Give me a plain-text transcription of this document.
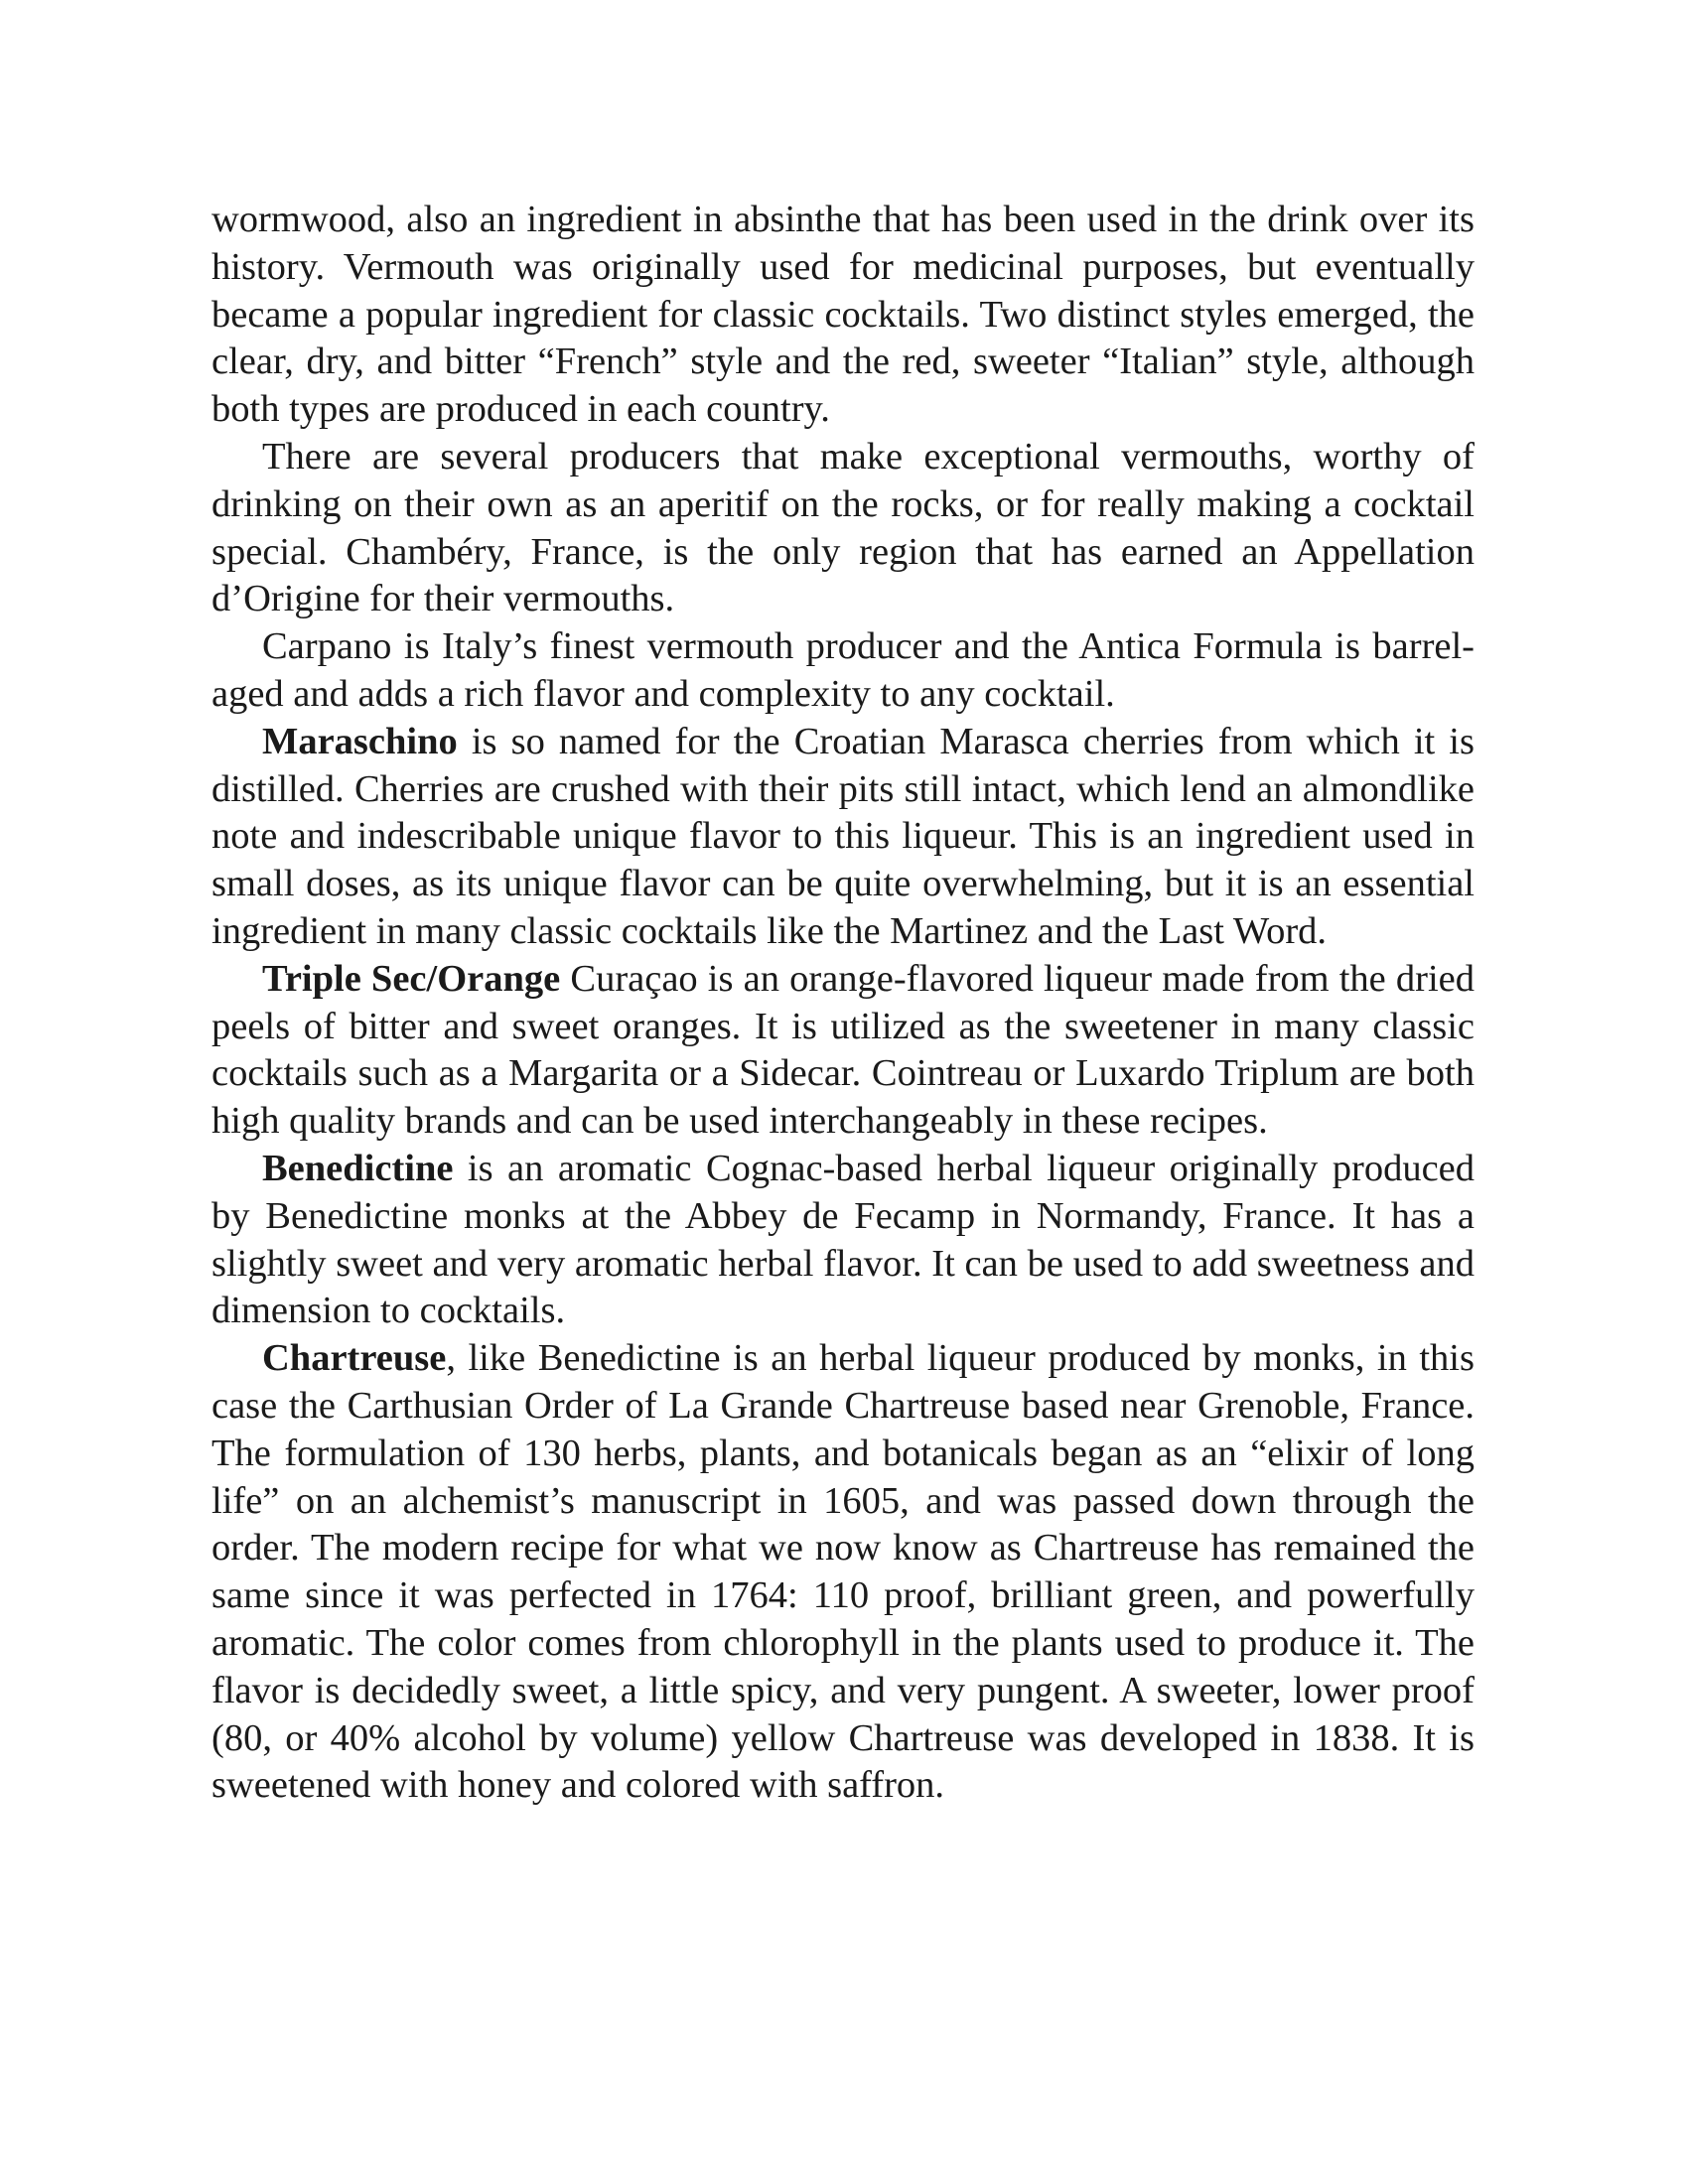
wormwood, also an ingredient in absinthe that has been used in the drink over its history. Vermouth was originally used for medicinal purposes, but eventually became a popular ingredient for classic cocktails. Two distinct styles emerged, the clear, dry, and bitter “French” style and the red, sweeter “Italian” style, although both types are produced in each country.

There are several producers that make exceptional vermouths, worthy of drinking on their own as an aperitif on the rocks, or for really making a cocktail special. Chambéry, France, is the only region that has earned an Appellation d’Origine for their vermouths.

Carpano is Italy’s finest vermouth producer and the Antica Formula is barrel-aged and adds a rich flavor and complexity to any cocktail.

Maraschino is so named for the Croatian Marasca cherries from which it is distilled. Cherries are crushed with their pits still intact, which lend an almondlike note and indescribable unique flavor to this liqueur. This is an ingredient used in small doses, as its unique flavor can be quite overwhelming, but it is an essential ingredient in many classic cocktails like the Martinez and the Last Word.

Triple Sec/Orange Curaçao is an orange-flavored liqueur made from the dried peels of bitter and sweet oranges. It is utilized as the sweetener in many classic cocktails such as a Margarita or a Sidecar. Cointreau or Luxardo Triplum are both high quality brands and can be used interchangeably in these recipes.

Benedictine is an aromatic Cognac-based herbal liqueur originally produced by Benedictine monks at the Abbey de Fecamp in Normandy, France. It has a slightly sweet and very aromatic herbal flavor. It can be used to add sweetness and dimension to cocktails.

Chartreuse, like Benedictine is an herbal liqueur produced by monks, in this case the Carthusian Order of La Grande Chartreuse based near Grenoble, France. The formulation of 130 herbs, plants, and botanicals began as an “elixir of long life” on an alchemist’s manuscript in 1605, and was passed down through the order. The modern recipe for what we now know as Chartreuse has remained the same since it was perfected in 1764: 110 proof, brilliant green, and powerfully aromatic. The color comes from chlorophyll in the plants used to produce it. The flavor is decidedly sweet, a little spicy, and very pungent. A sweeter, lower proof (80, or 40% alcohol by volume) yellow Chartreuse was developed in 1838. It is sweetened with honey and colored with saffron.
